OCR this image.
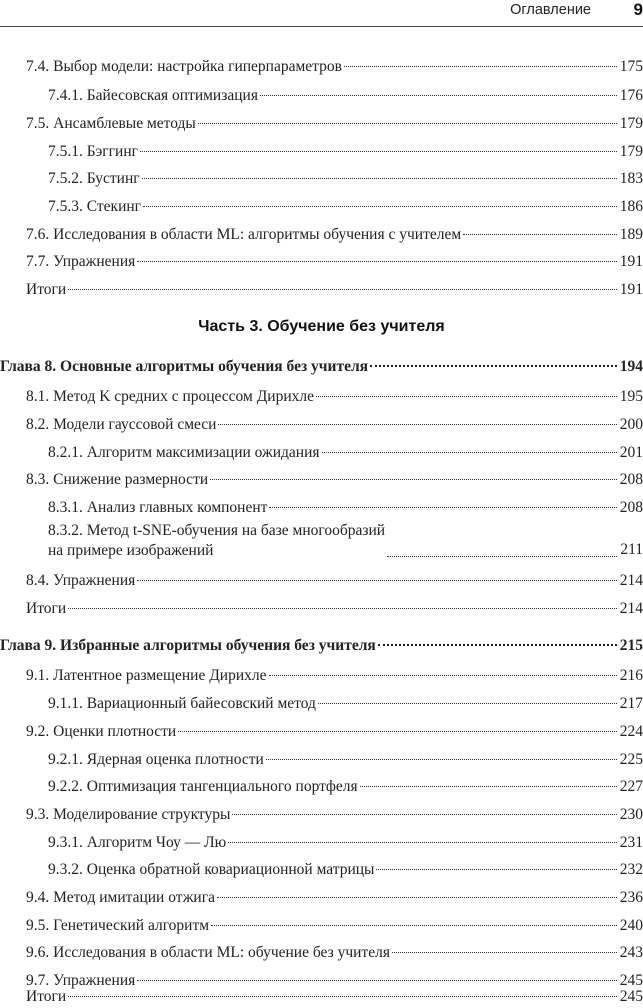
Оглавление	9
7.4. Выбор модели: настройка гиперпараметров	175
7.4.1. Байесовская оптимизация	176
7.5. Ансамблевые методы	179
7.5.1. Бэггинг	179
7.5.2. Бустинг	183
7.5.3. Стекинг	186
7.6. Исследования в области ML: алгоритмы обучения с учителем	189
7.7. Упражнения	191
Итоги	191
Часть 3. Обучение без учителя
Глава 8. Основные алгоритмы обучения без учителя	194
8.1. Метод K средних с процессом Дирихле	195
8.2. Модели гауссовой смеси	200
8.2.1. Алгоритм максимизации ожидания	201
8.3. Снижение размерности	208
8.3.1. Анализ главных компонент	208
8.3.2. Метод t-SNE-обучения на базе многообразий
на примере изображений	211
8.4. Упражнения	214
Итоги	214
Глава 9. Избранные алгоритмы обучения без учителя	215
9.1. Латентное размещение Дирихле	216
9.1.1. Вариационный байесовский метод	217
9.2. Оценки плотности	224
9.2.1. Ядерная оценка плотности	225
9.2.2. Оптимизация тангенциального портфеля	227
9.3. Моделирование структуры	230
9.3.1. Алгоритм Чоу — Лю	231
9.3.2. Оценка обратной ковариационной матрицы	232
9.4. Метод имитации отжига	236
9.5. Генетический алгоритм	240
9.6. Исследования в области ML: обучение без учителя	243
9.7. Упражнения	245
Итоги	245
